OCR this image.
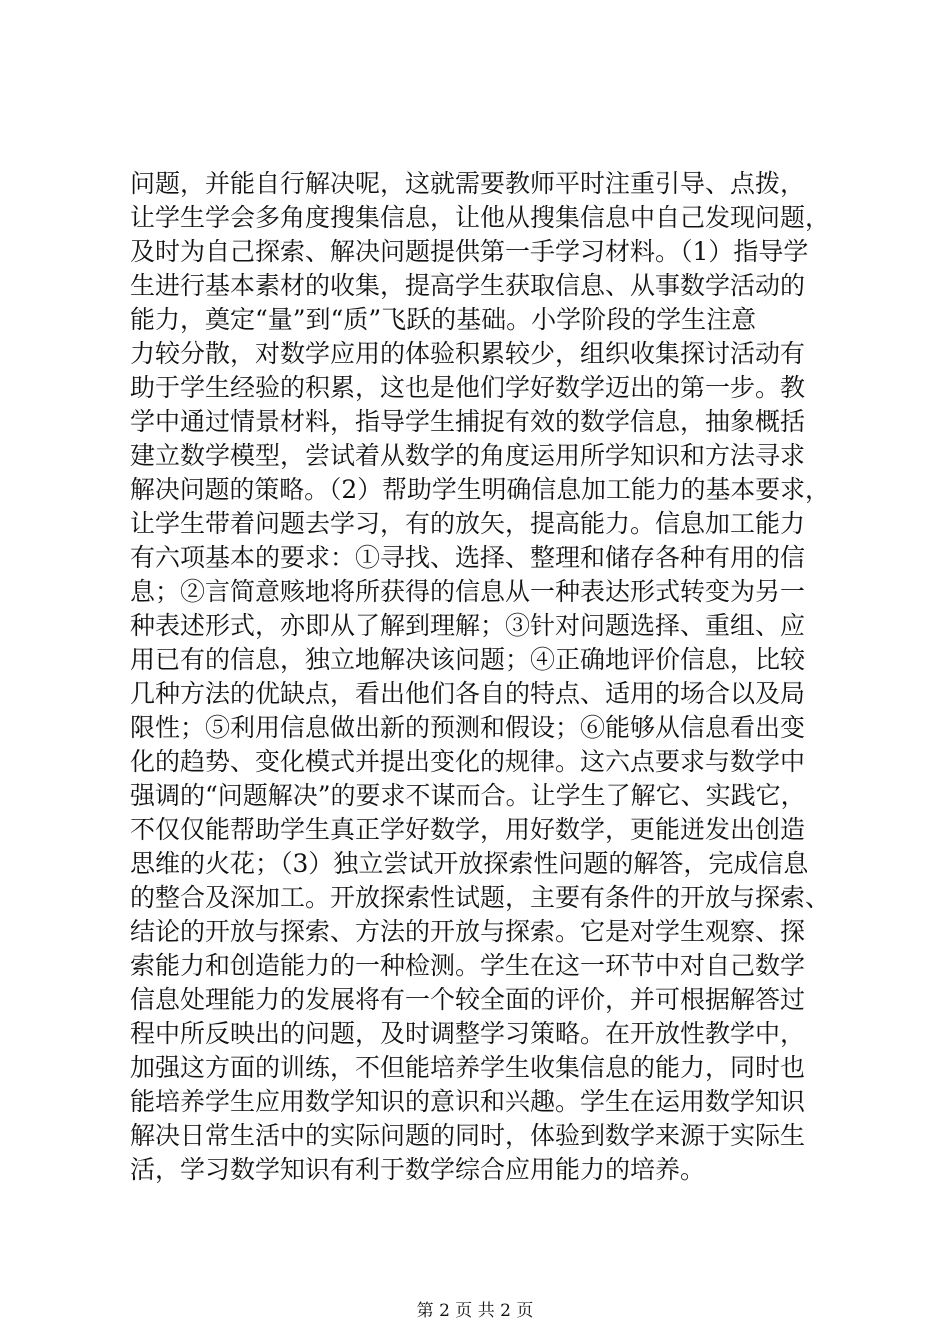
问题，并能自行解决呢，这就需要教师平时注重引导、点拨，
让学生学会多角度搜集信息，让他从搜集信息中自己发现问题，
及时为自己探索、解决问题提供第一手学习材料。（1）指导学
生进行基本素材的收集，提高学生获取信息、从事数学活动的
能力，奠定“量”到“质”飞跃的基础。小学阶段的学生注意
力较分散，对数学应用的体验积累较少，组织收集探讨活动有
助于学生经验的积累，这也是他们学好数学迈出的第一步。教
学中通过情景材料，指导学生捕捉有效的数学信息，抽象概括
建立数学模型，尝试着从数学的角度运用所学知识和方法寻求
解决问题的策略。（2）帮助学生明确信息加工能力的基本要求，
让学生带着问题去学习，有的放矢，提高能力。信息加工能力
有六项基本的要求：①寻找、选择、整理和储存各种有用的信
息；②言简意赅地将所获得的信息从一种表达形式转变为另一
种表述形式，亦即从了解到理解；③针对问题选择、重组、应
用已有的信息，独立地解决该问题；④正确地评价信息，比较
几种方法的优缺点，看出他们各自的特点、适用的场合以及局
限性；⑤利用信息做出新的预测和假设；⑥能够从信息看出变
化的趋势、变化模式并提出变化的规律。这六点要求与数学中
强调的“问题解决”的要求不谋而合。让学生了解它、实践它，
不仅仅能帮助学生真正学好数学，用好数学，更能迸发出创造
思维的火花；（3）独立尝试开放探索性问题的解答，完成信息
的整合及深加工。开放探索性试题，主要有条件的开放与探索、
结论的开放与探索、方法的开放与探索。它是对学生观察、探
索能力和创造能力的一种检测。学生在这一环节中对自己数学
信息处理能力的发展将有一个较全面的评价，并可根据解答过
程中所反映出的问题，及时调整学习策略。在开放性教学中，
加强这方面的训练，不但能培养学生收集信息的能力，同时也
能培养学生应用数学知识的意识和兴趣。学生在运用数学知识
解决日常生活中的实际问题的同时，体验到数学来源于实际生
活，学习数学知识有利于数学综合应用能力的培养。
第 2 页 共 2 页
